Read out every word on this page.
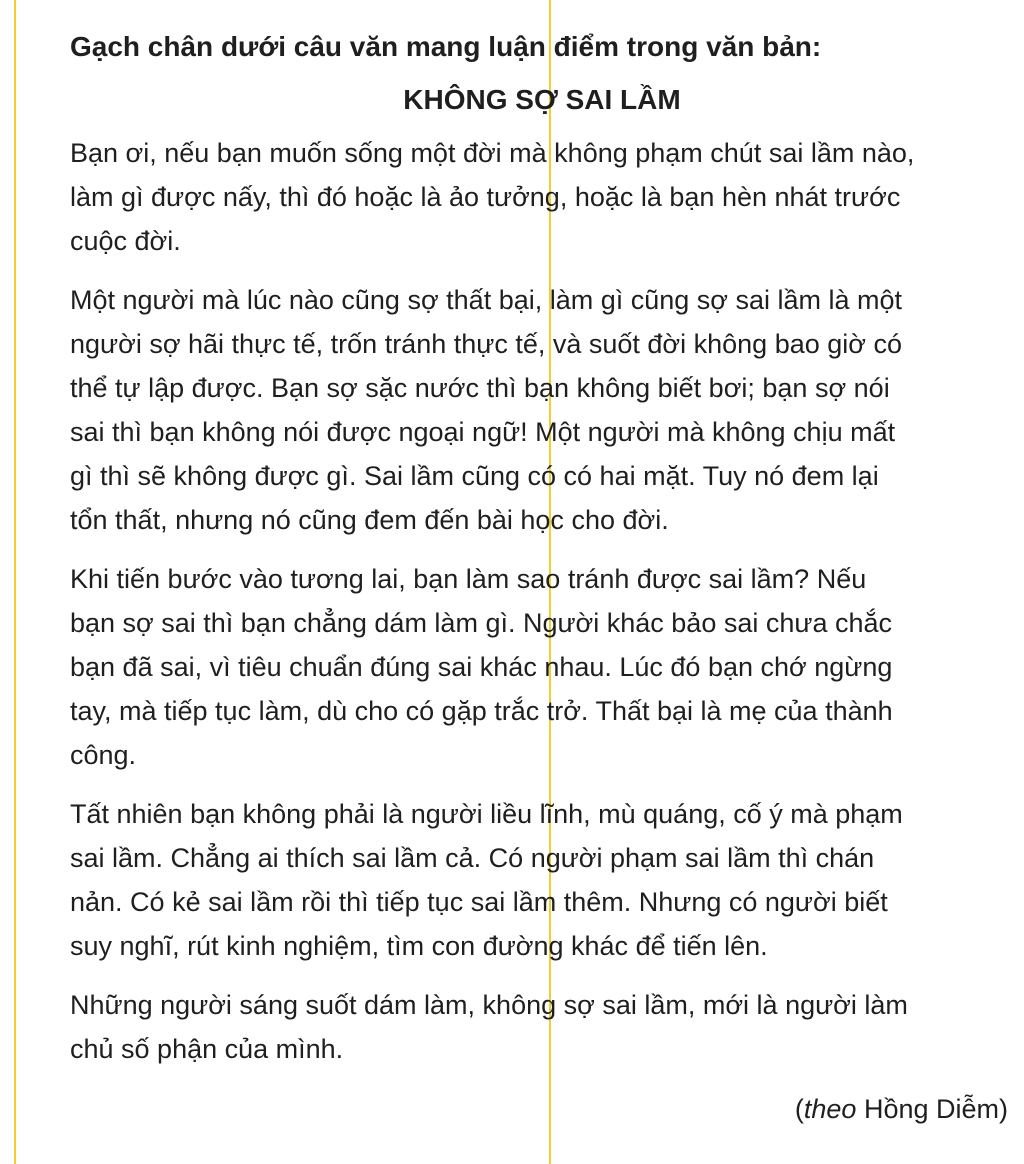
Gạch chân dưới câu văn mang luận điểm trong văn bản:

KHÔNG SỢ SAI LẦM

Bạn ơi, nếu bạn muốn sống một đời mà không phạm chút sai lầm nào,
làm gì được nấy, thì đó hoặc là ảo tưởng, hoặc là bạn hèn nhát trước
cuộc đời.

Một người mà lúc nào cũng sợ thất bại, làm gì cũng sợ sai lầm là một
người sợ hãi thực tế, trốn tránh thực tế, và suốt đời không bao giờ có
thể tự lập được. Bạn sợ sặc nước thì bạn không biết bơi; bạn sợ nói
sai thì bạn không nói được ngoại ngữ! Một người mà không chịu mất
gì thì sẽ không được gì. Sai lầm cũng có có hai mặt. Tuy nó đem lại
tổn thất, nhưng nó cũng đem đến bài học cho đời.

Khi tiến bước vào tương lai, bạn làm sao tránh được sai lầm? Nếu
bạn sợ sai thì bạn chẳng dám làm gì. Người khác bảo sai chưa chắc
bạn đã sai, vì tiêu chuẩn đúng sai khác nhau. Lúc đó bạn chớ ngừng
tay, mà tiếp tục làm, dù cho có gặp trắc trở. Thất bại là mẹ của thành
công.

Tất nhiên bạn không phải là người liều lĩnh, mù quáng, cố ý mà phạm
sai lầm. Chẳng ai thích sai lầm cả. Có người phạm sai lầm thì chán
nản. Có kẻ sai lầm rồi thì tiếp tục sai lầm thêm. Nhưng có người biết
suy nghĩ, rút kinh nghiệm, tìm con đường khác để tiến lên.

Những người sáng suốt dám làm, không sợ sai lầm, mới là người làm
chủ số phận của mình.

(theo Hồng Diễm)
